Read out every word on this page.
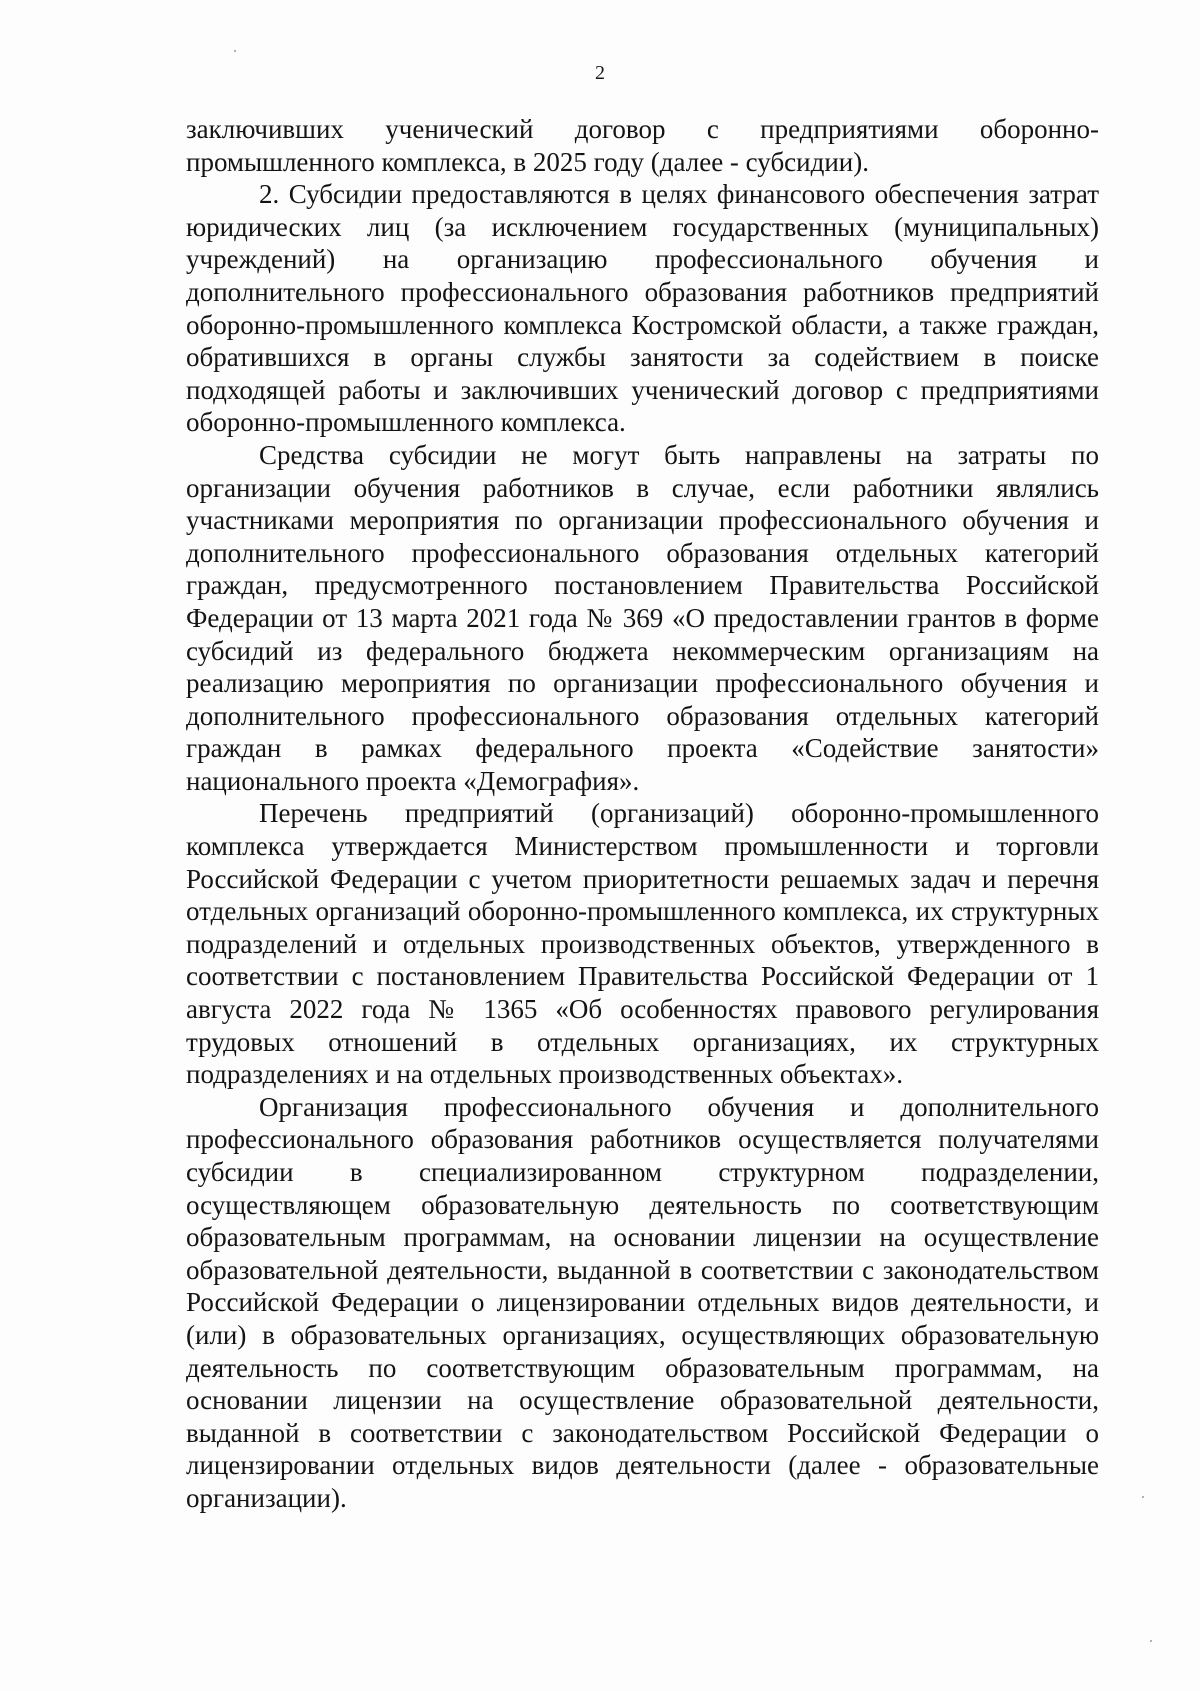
2

заключивших ученический договор с предприятиями оборонно-промышленного комплекса, в 2025 году (далее - субсидии).

2. Субсидии предоставляются в целях финансового обеспечения затрат юридических лиц (за исключением государственных (муниципальных) учреждений) на организацию профессионального обучения и дополнительного профессионального образования работников предприятий оборонно-промышленного комплекса Костромской области, а также граждан, обратившихся в органы службы занятости за содействием в поиске подходящей работы и заключивших ученический договор с предприятиями оборонно-промышленного комплекса.

Средства субсидии не могут быть направлены на затраты по организации обучения работников в случае, если работники являлись участниками мероприятия по организации профессионального обучения и дополнительного профессионального образования отдельных категорий граждан, предусмотренного постановлением Правительства Российской Федерации от 13 марта 2021 года № 369 «О предоставлении грантов в форме субсидий из федерального бюджета некоммерческим организациям на реализацию мероприятия по организации профессионального обучения и дополнительного профессионального образования отдельных категорий граждан в рамках федерального проекта «Содействие занятости» национального проекта «Демография».

Перечень предприятий (организаций) оборонно-промышленного комплекса утверждается Министерством промышленности и торговли Российской Федерации с учетом приоритетности решаемых задач и перечня отдельных организаций оборонно-промышленного комплекса, их структурных подразделений и отдельных производственных объектов, утвержденного в соответствии с постановлением Правительства Российской Федерации от 1 августа 2022 года № 1365 «Об особенностях правового регулирования трудовых отношений в отдельных организациях, их структурных подразделениях и на отдельных производственных объектах».

Организация профессионального обучения и дополнительного профессионального образования работников осуществляется получателями субсидии в специализированном структурном подразделении, осуществляющем образовательную деятельность по соответствующим образовательным программам, на основании лицензии на осуществление образовательной деятельности, выданной в соответствии с законодательством Российской Федерации о лицензировании отдельных видов деятельности, и (или) в образовательных организациях, осуществляющих образовательную деятельность по соответствующим образовательным программам, на основании лицензии на осуществление образовательной деятельности, выданной в соответствии с законодательством Российской Федерации о лицензировании отдельных видов деятельности (далее - образовательные организации).
